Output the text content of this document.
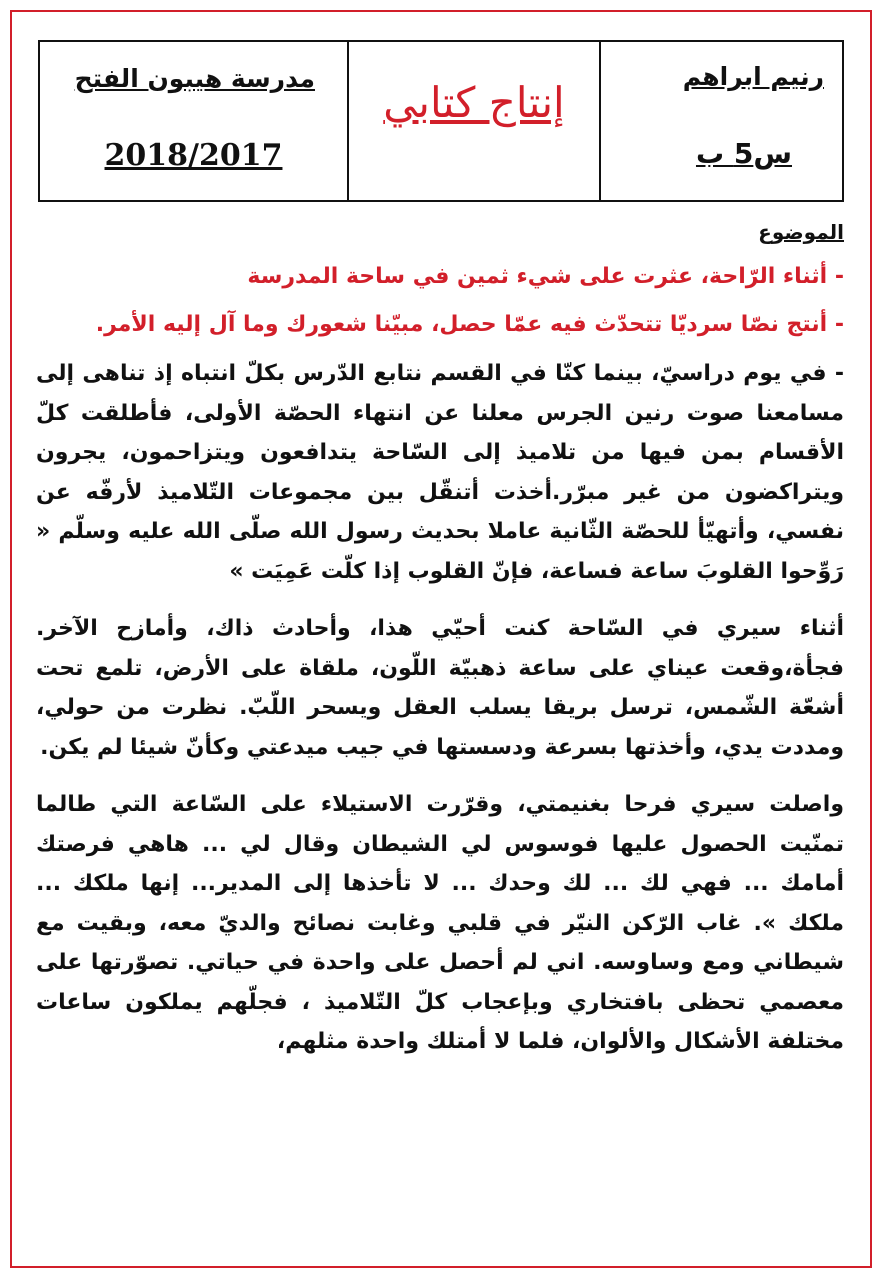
رنيم ابراهم
س5 ب
إنتاج كتابي
مدرسة هيبون الفتح
2018/2017
الموضوع
- أثناء الرّاحة، عثرت على شيء ثمين في ساحة المدرسة
- أنتج نصّا سرديّا تتحدّث فيه عمّا حصل، مبيّنا شعورك وما آل إليه الأمر.

- في يوم دراسيّ، بينما كنّا في القسم نتابع الدّرس بكلّ انتباه إذ تناهى إلى مسامعنا صوت رنين الجرس معلنا عن انتهاء الحصّة الأولى، فأطلقت كلّ الأقسام بمن فيها من تلاميذ إلى السّاحة يتدافعون ويتزاحمون، يجرون ويتراكضون من غير مبرّر.أخذت أتنقّل بين مجموعات التّلاميذ لأرفّه عن نفسي، وأتهيّأ للحصّة الثّانية عاملا بحديث رسول الله صلّى الله عليه وسلّم « رَوِّحوا القلوبَ ساعة فساعة، فإنّ القلوب إذا كلّت عَمِيَت »

أثناء سيري في السّاحة كنت أحيّي هذا، وأحادث ذاك، وأمازح الآخر. فجأة،وقعت عيناي على ساعة ذهبيّة اللّون، ملقاة على الأرض، تلمع تحت أشعّة الشّمس، ترسل بريقا يسلب العقل ويسحر اللّبّ. نظرت من حولي، ومددت يدي، وأخذتها بسرعة ودسستها في جيب ميدعتي وكأنّ شيئا لم يكن.

واصلت سيري فرحا بغنيمتي، وقرّرت الاستيلاء على السّاعة التي طالما تمنّيت الحصول عليها فوسوس لي الشيطان وقال لي ... هاهي فرصتك أمامك ... فهي لك ... لك وحدك ... لا تأخذها إلى المدير... إنها ملكك ... ملكك ». غاب الرّكن النيّر في قلبي وغابت نصائح والديّ معه، وبقيت مع شيطاني ومع وساوسه. اني لم أحصل على واحدة في حياتي. تصوّرتها على معصمي تحظى بافتخاري وبإعجاب كلّ التّلاميذ ، فجلّهم يملكون ساعات مختلفة الأشكال والألوان، فلما لا أمتلك واحدة مثلهم،
